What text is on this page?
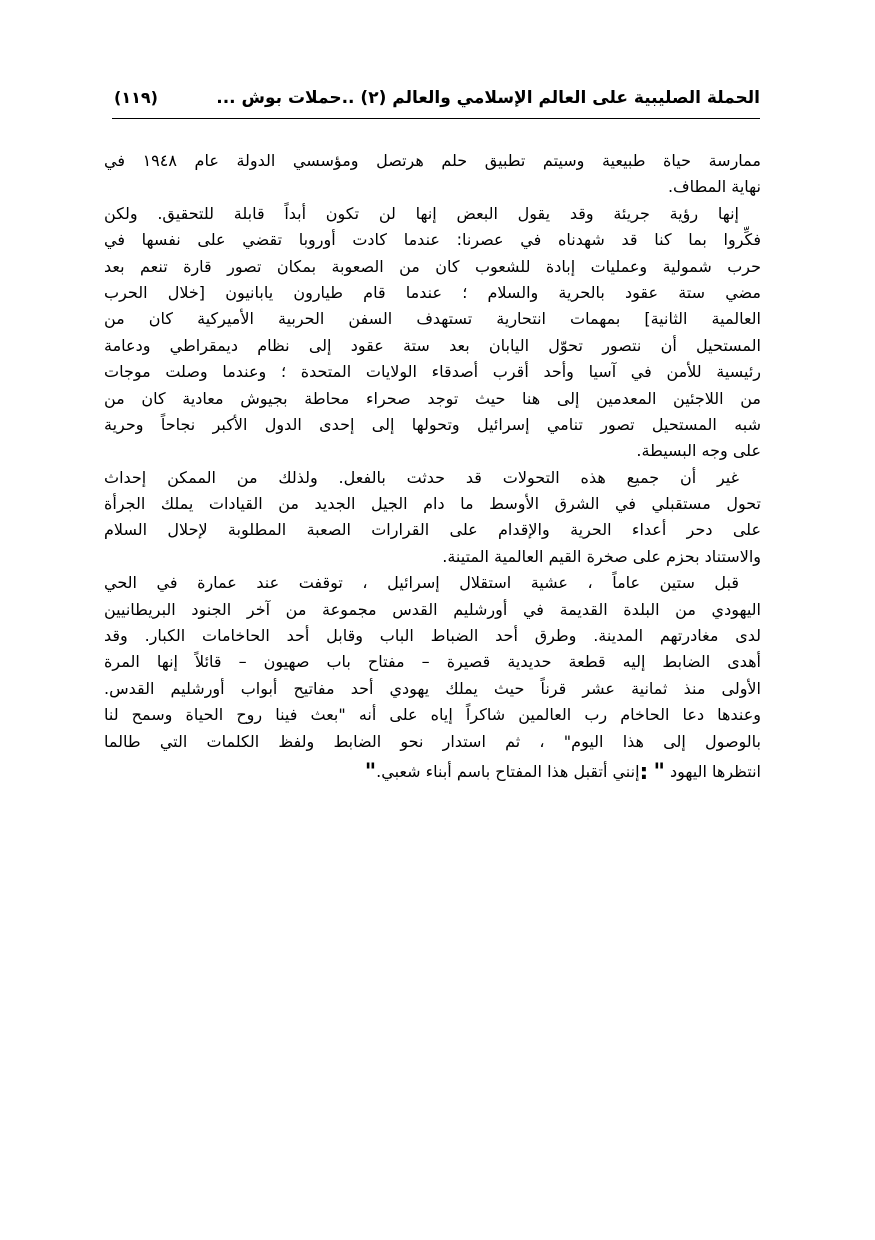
الحملة الصليبية على العالم الإسلامي والعالم (٢) ..حملات بوش ...
(١١٩)
ممارسة حياة طبيعية وسيتم تطبيق حلم هرتصل ومؤسسي الدولة عام ١٩٤٨ في
نهاية المطاف.
إنها رؤية جريئة وقد يقول البعض إنها لن تكون أبداً قابلة للتحقيق. ولكن
فكِّروا بما كنا قد شهدناه في عصرنا: عندما كادت أوروبا تقضي على نفسها في
حرب شمولية وعمليات إبادة للشعوب كان من الصعوبة بمكان تصور قارة تنعم بعد
مضي ستة عقود بالحرية والسلام ؛ عندما قام طيارون يابانيون [خلال الحرب
العالمية الثانية] بمهمات انتحارية تستهدف السفن الحربية الأميركية كان من
المستحيل أن نتصور تحوّل اليابان بعد ستة عقود إلى نظام ديمقراطي ودعامة
رئيسية للأمن في آسيا وأحد أقرب أصدقاء الولايات المتحدة ؛ وعندما وصلت موجات
من اللاجئين المعدمين إلى هنا حيث توجد صحراء محاطة بجيوش معادية كان من
شبه المستحيل تصور تنامي إسرائيل وتحولها إلى إحدى الدول الأكبر نجاحاً وحرية
على وجه البسيطة.
غير أن جميع هذه التحولات قد حدثت بالفعل. ولذلك من الممكن إحداث
تحول مستقبلي في الشرق الأوسط ما دام الجيل الجديد من القيادات يملك الجرأة
على دحر أعداء الحرية والإقدام على القرارات الصعبة المطلوبة لإحلال السلام
والاستناد بحزم على صخرة القيم العالمية المتينة.
قبل ستين عاماً ، عشية استقلال إسرائيل ، توقفت عند عمارة في الحي
اليهودي من البلدة القديمة في أورشليم القدس مجموعة من آخر الجنود البريطانيين
لدى مغادرتهم المدينة. وطرق أحد الضباط الباب وقابل أحد الحاخامات الكبار. وقد
أهدى الضابط إليه قطعة حديدية قصيرة – مفتاح باب صهيون – قائلاً إنها المرة
الأولى منذ ثمانية عشر قرناً حيث يملك يهودي أحد مفاتيح أبواب أورشليم القدس.
وعندها دعا الحاخام رب العالمين شاكراً إياه على أنه "بعث فينا روح الحياة وسمح لنا
بالوصول إلى هذا اليوم" ، ثم استدار نحو الضابط ولفظ الكلمات التي طالما
انتظرها اليهود " :إنني أتقبل هذا المفتاح باسم أبناء شعبي."
